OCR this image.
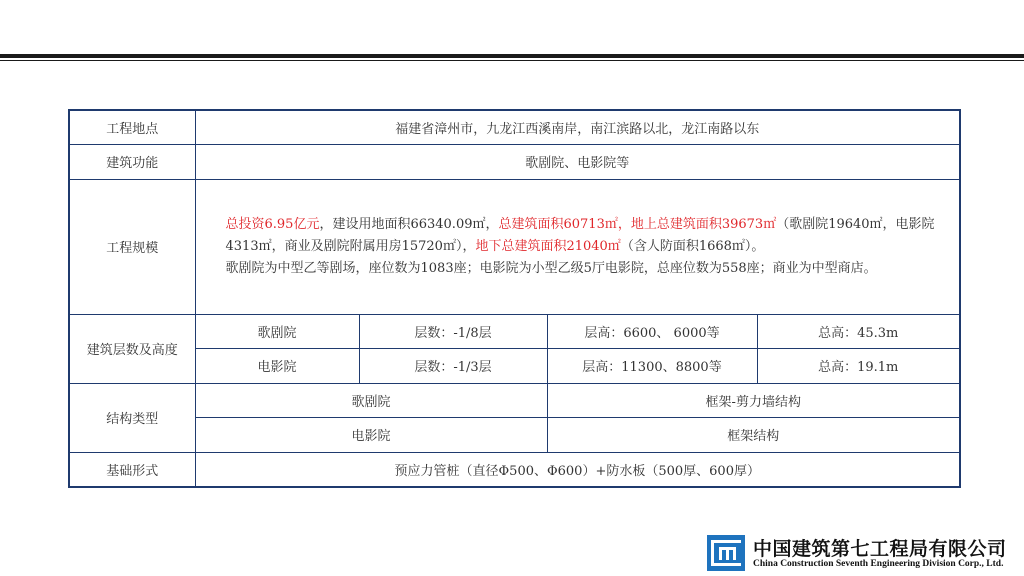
工程地点	福建省漳州市，九龙江西溪南岸，南江滨路以北，龙江南路以东			
建筑功能	歌剧院、电影院等			
工程规模	总投资6.95亿元，建设用地面积66340.09㎡，总建筑面积60713㎡，地上总建筑面积39673㎡（歌剧院19640㎡，电影院4313㎡，商业及剧院附属用房15720㎡），地下总建筑面积21040㎡（含人防面积1668㎡）。
歌剧院为中型乙等剧场，座位数为1083座；电影院为小型乙级5厅电影院，总座位数为558座；商业为中型商店。			

建筑层数及高度	歌剧院	层数：-1/8层	层高：6600、 6000等	总高：45.3m
	电影院	层数：-1/3层	层高：11300、8800等	总高：19.1m
结构类型	歌剧院		框架-剪力墙结构	
	电影院		框架结构	
基础形式	预应力管桩（直径Φ500、Φ600）+防水板（500厚、600厚）			
中国建筑第七工程局有限公司
China Construction Seventh Engineering Division Corp., Ltd.
